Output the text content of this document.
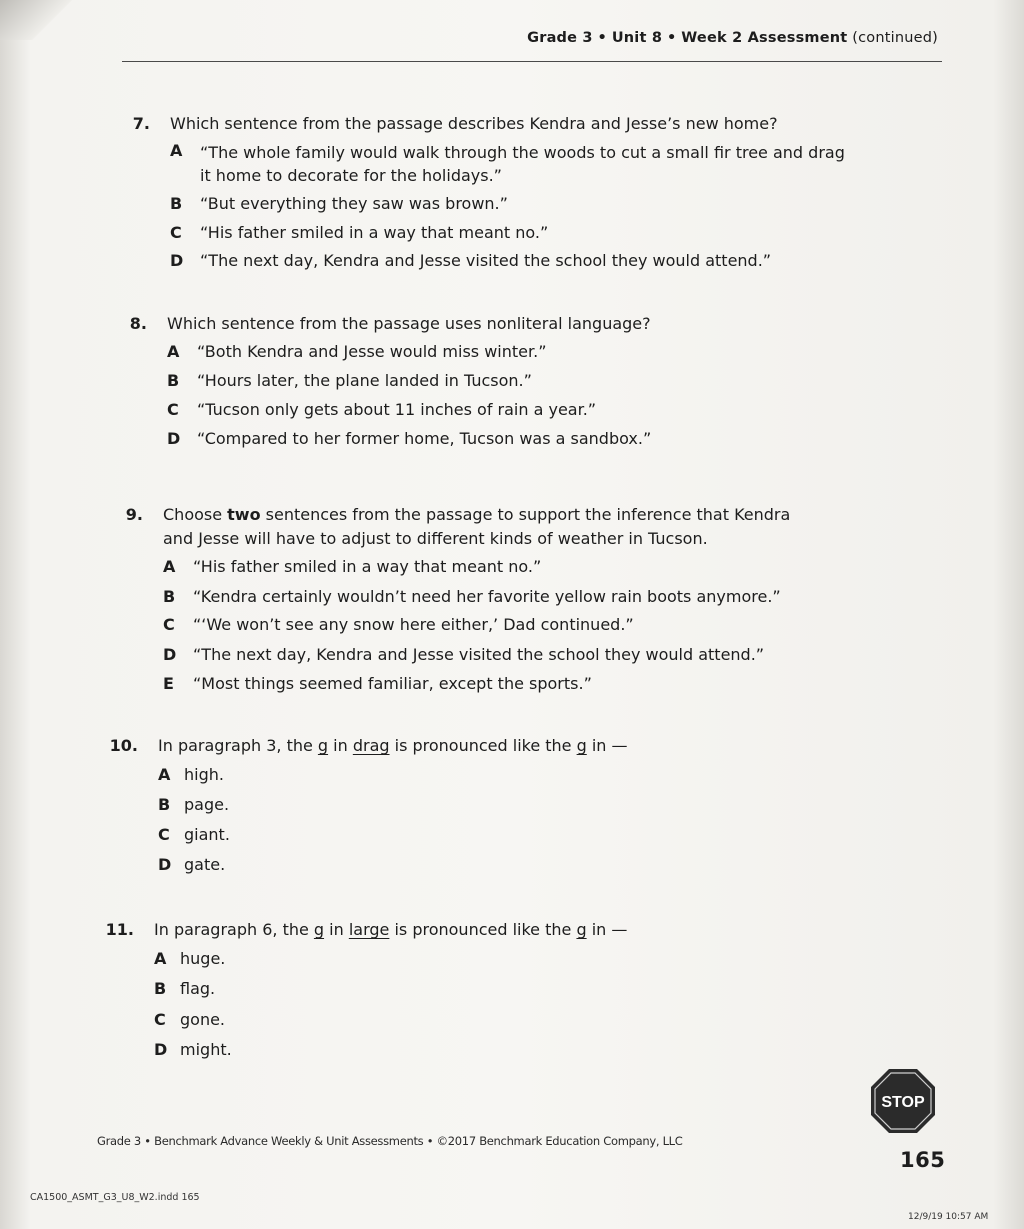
Grade 3 • Unit 8 • Week 2 Assessment (continued)
7. Which sentence from the passage describes Kendra and Jesse’s new home?
A “The whole family would walk through the woods to cut a small fir tree and drag it home to decorate for the holidays.”
B “But everything they saw was brown.”
C “His father smiled in a way that meant no.”
D “The next day, Kendra and Jesse visited the school they would attend.”
8. Which sentence from the passage uses nonliteral language?
A “Both Kendra and Jesse would miss winter.”
B “Hours later, the plane landed in Tucson.”
C “Tucson only gets about 11 inches of rain a year.”
D “Compared to her former home, Tucson was a sandbox.”
9. Choose two sentences from the passage to support the inference that Kendra
and Jesse will have to adjust to different kinds of weather in Tucson.
A “His father smiled in a way that meant no.”
B “Kendra certainly wouldn’t need her favorite yellow rain boots anymore.”
C “‘We won’t see any snow here either,’ Dad continued.”
D “The next day, Kendra and Jesse visited the school they would attend.”
E “Most things seemed familiar, except the sports.”
10. In paragraph 3, the g in drag is pronounced like the g in —
A high.
B page.
C giant.
D gate.
11. In paragraph 6, the g in large is pronounced like the g in —
A huge.
B flag.
C gone.
D might.
STOP
165
Grade 3 • Benchmark Advance Weekly & Unit Assessments • ©2017 Benchmark Education Company, LLC
CA1500_ASMT_G3_U8_W2.indd 165
12/9/19 10:57 AM
